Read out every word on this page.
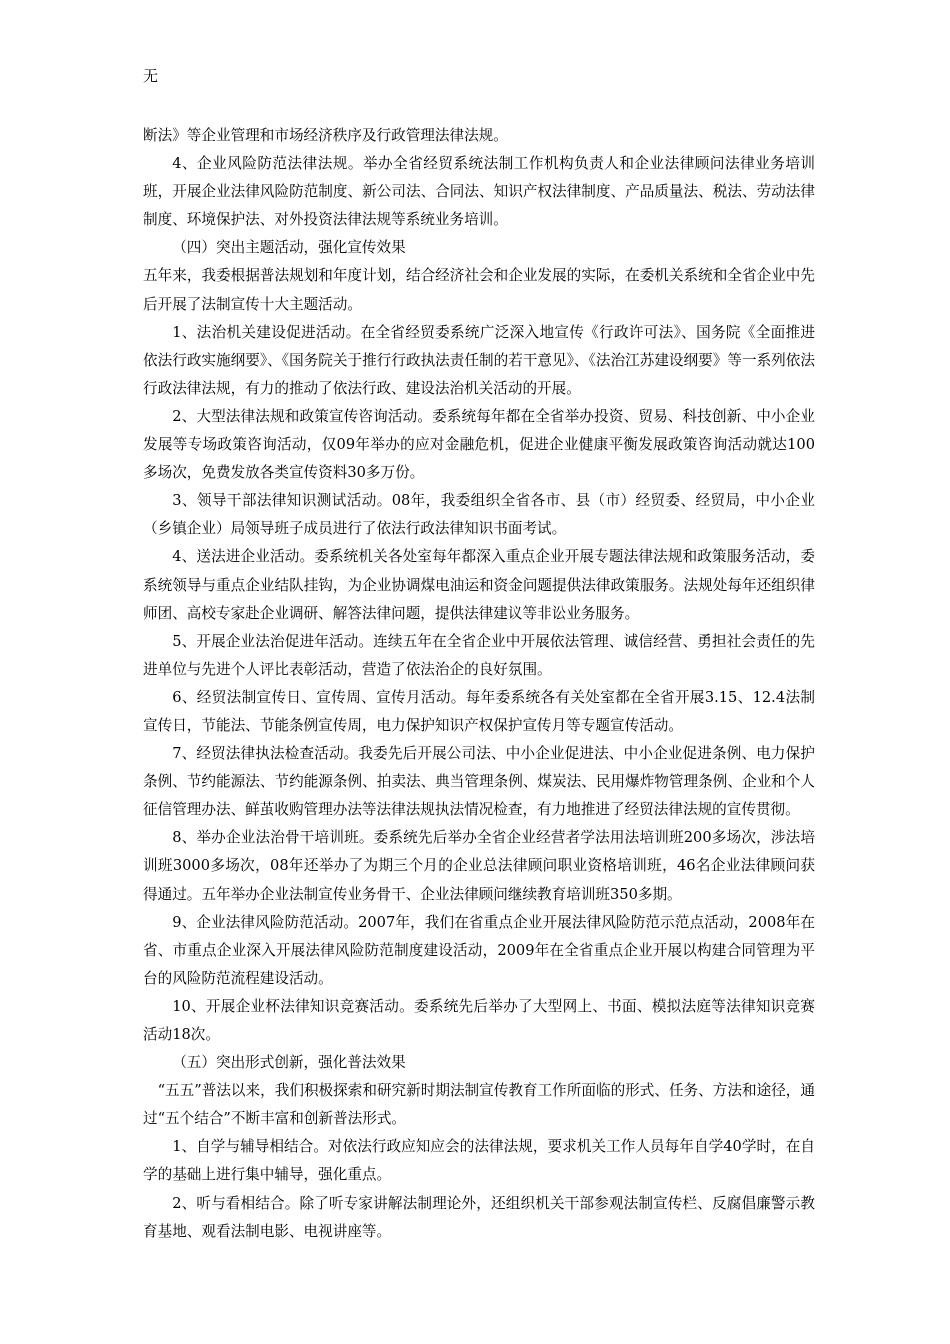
无

断法》等企业管理和市场经济秩序及行政管理法律法规。

4、企业风险防范法律法规。举办全省经贸系统法制工作机构负责人和企业法律顾问法律业务培训班，开展企业法律风险防范制度、新公司法、合同法、知识产权法律制度、产品质量法、税法、劳动法律制度、环境保护法、对外投资法律法规等系统业务培训。

（四）突出主题活动，强化宣传效果

五年来，我委根据普法规划和年度计划，结合经济社会和企业发展的实际，在委机关系统和全省企业中先后开展了法制宣传十大主题活动。

1、法治机关建设促进活动。在全省经贸委系统广泛深入地宣传《行政许可法》、国务院《全面推进依法行政实施纲要》、《国务院关于推行行政执法责任制的若干意见》、《法治江苏建设纲要》等一系列依法行政法律法规，有力的推动了依法行政、建设法治机关活动的开展。

2、大型法律法规和政策宣传咨询活动。委系统每年都在全省举办投资、贸易、科技创新、中小企业发展等专场政策咨询活动，仅09年举办的应对金融危机，促进企业健康平衡发展政策咨询活动就达100多场次，免费发放各类宣传资料30多万份。

3、领导干部法律知识测试活动。08年，我委组织全省各市、县（市）经贸委、经贸局，中小企业（乡镇企业）局领导班子成员进行了依法行政法律知识书面考试。

4、送法进企业活动。委系统机关各处室每年都深入重点企业开展专题法律法规和政策服务活动，委系统领导与重点企业结队挂钩，为企业协调煤电油运和资金问题提供法律政策服务。法规处每年还组织律师团、高校专家赴企业调研、解答法律问题，提供法律建议等非讼业务服务。

5、开展企业法治促进年活动。连续五年在全省企业中开展依法管理、诚信经营、勇担社会责任的先进单位与先进个人评比表彰活动，营造了依法治企的良好氛围。

6、经贸法制宣传日、宣传周、宣传月活动。每年委系统各有关处室都在全省开展3.15、12.4法制宣传日，节能法、节能条例宣传周，电力保护知识产权保护宣传月等专题宣传活动。

7、经贸法律执法检查活动。我委先后开展公司法、中小企业促进法、中小企业促进条例、电力保护条例、节约能源法、节约能源条例、拍卖法、典当管理条例、煤炭法、民用爆炸物管理条例、企业和个人征信管理办法、鲜茧收购管理办法等法律法规执法情况检查，有力地推进了经贸法律法规的宣传贯彻。

8、举办企业法治骨干培训班。委系统先后举办全省企业经营者学法用法培训班200多场次，涉法培训班3000多场次，08年还举办了为期三个月的企业总法律顾问职业资格培训班，46名企业法律顾问获得通过。五年举办企业法制宣传业务骨干、企业法律顾问继续教育培训班350多期。

9、企业法律风险防范活动。2007年，我们在省重点企业开展法律风险防范示范点活动，2008年在省、市重点企业深入开展法律风险防范制度建设活动，2009年在全省重点企业开展以构建合同管理为平台的风险防范流程建设活动。

10、开展企业杯法律知识竞赛活动。委系统先后举办了大型网上、书面、模拟法庭等法律知识竞赛活动18次。

（五）突出形式创新，强化普法效果

“五五”普法以来，我们积极探索和研究新时期法制宣传教育工作所面临的形式、任务、方法和途径，通过“五个结合”不断丰富和创新普法形式。

1、自学与辅导相结合。对依法行政应知应会的法律法规，要求机关工作人员每年自学40学时，在自学的基础上进行集中辅导，强化重点。

2、听与看相结合。除了听专家讲解法制理论外，还组织机关干部参观法制宣传栏、反腐倡廉警示教育基地、观看法制电影、电视讲座等。
